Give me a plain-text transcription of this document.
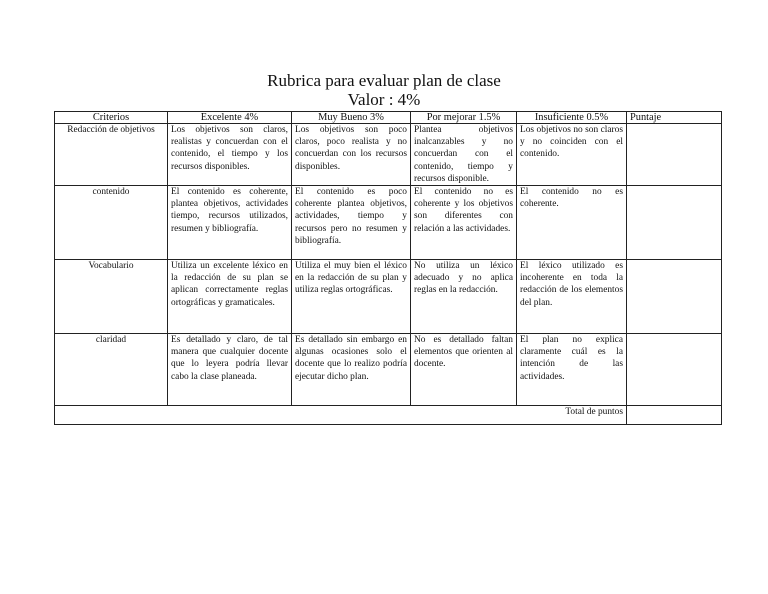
Rubrica para evaluar plan de clase
Valor : 4%
Criterios	Excelente 4%	Muy Bueno 3%	Por mejorar 1.5%	Insuficiente 0.5%	Puntaje
Redacción de objetivos	Los objetivos son claros, realistas y concuerdan con el contenido, el tiempo y los recursos disponibles.	Los objetivos son poco claros, poco realista y no concuerdan con los recursos disponibles.	Plantea objetivos inalcanzables y no concuerdan con el contenido, tiempo y recursos disponible.	Los objetivos no son claros y no coinciden con el contenido.	
contenido	El contenido es coherente, plantea objetivos, actividades tiempo, recursos utilizados, resumen y bibliografía.	El contenido es poco coherente plantea objetivos, actividades, tiempo y recursos pero no resumen y bibliografía.	El contenido no es coherente y los objetivos son diferentes con relación a las actividades.	El contenido no es coherente.	
Vocabulario	Utiliza un excelente léxico en la redacción de su plan se aplican correctamente reglas ortográficas y gramaticales.	Utiliza el muy bien el léxico en la redacción de su plan y utiliza reglas ortográficas.	No utiliza un léxico adecuado y no aplica reglas en la redacción.	El léxico utilizado es incoherente en toda la redacción de los elementos del plan.	
claridad	Es detallado y claro, de tal manera que cualquier docente que lo leyera podría llevar cabo la clase planeada.	Es detallado sin embargo en algunas ocasiones solo el docente que lo realizo podría ejecutar dicho plan.	No es detallado faltan elementos que orienten al docente.	El plan no explica claramente cuál es la intención de las actividades.	
Total de puntos					
